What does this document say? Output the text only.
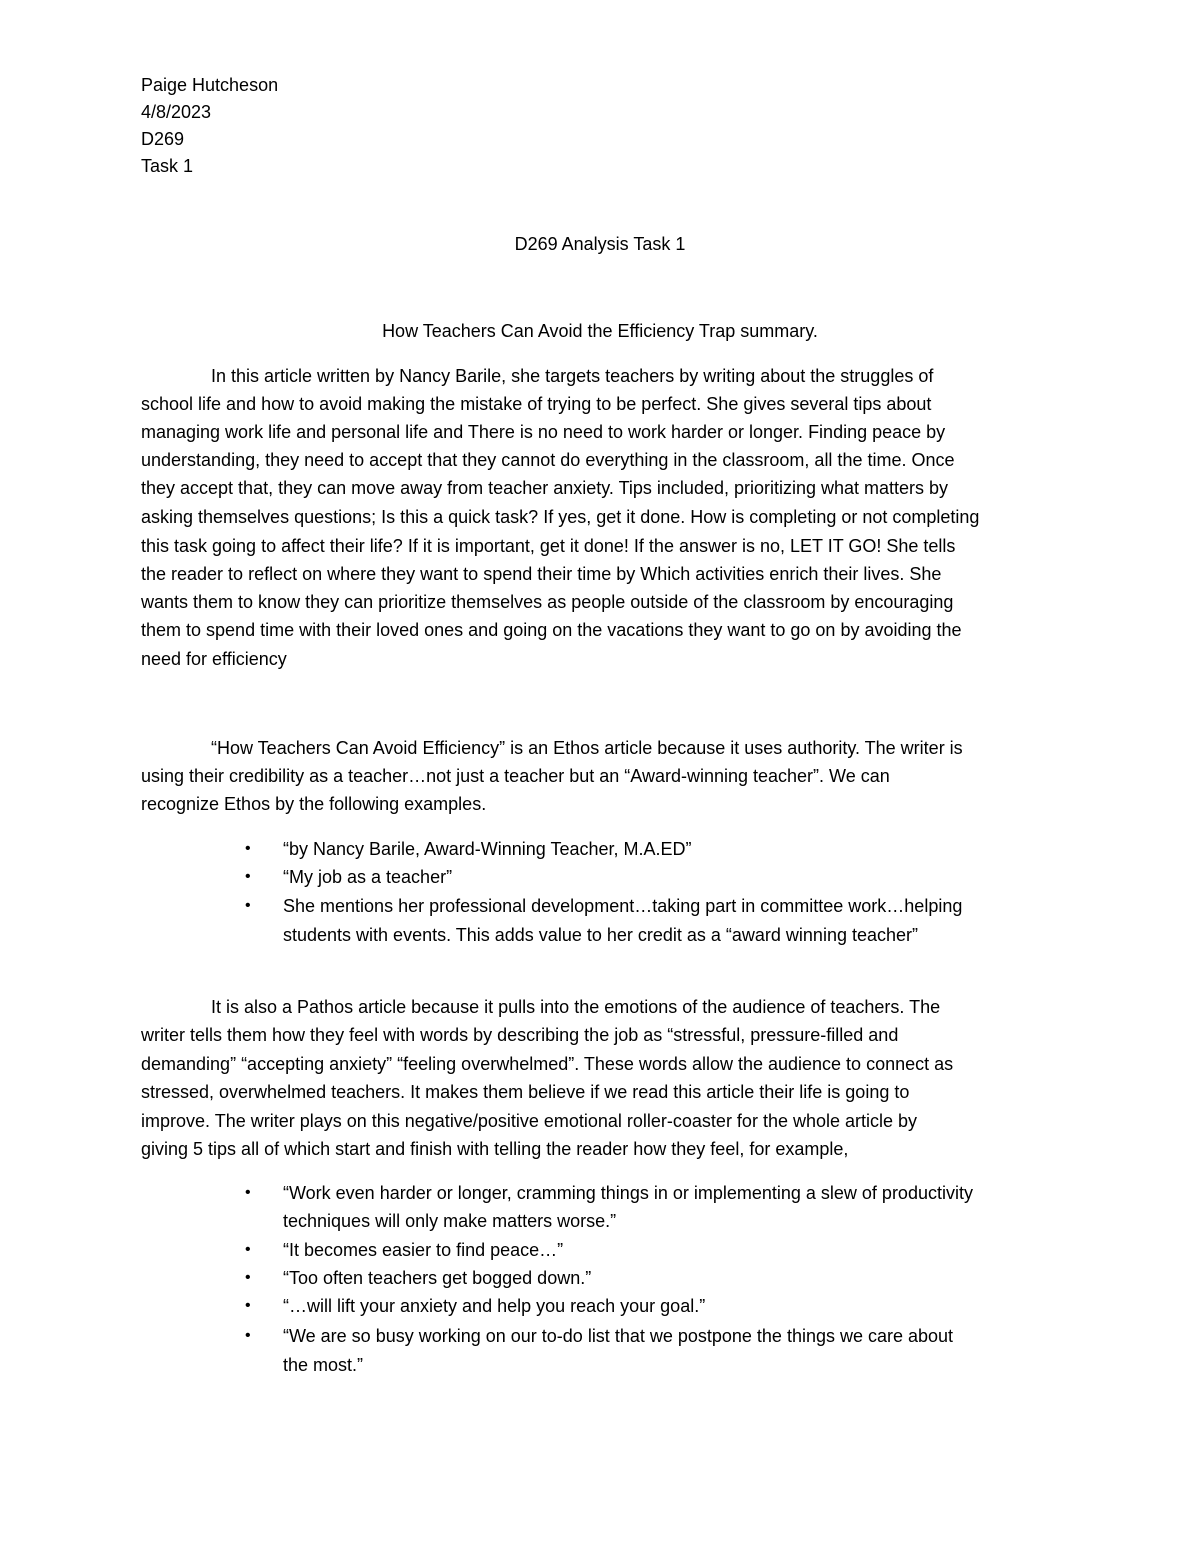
Paige Hutcheson
4/8/2023
D269
Task 1
D269 Analysis Task 1
How Teachers Can Avoid the Efficiency Trap summary.
In this article written by Nancy Barile, she targets teachers by writing about the struggles of
school life and how to avoid making the mistake of trying to be perfect. She gives several tips about
managing work life and personal life and There is no need to work harder or longer. Finding peace by
understanding, they need to accept that they cannot do everything in the classroom, all the time. Once
they accept that, they can move away from teacher anxiety. Tips included, prioritizing what matters by
asking themselves questions; Is this a quick task? If yes, get it done. How is completing or not completing
this task going to affect their life? If it is important, get it done! If the answer is no, LET IT GO! She tells
the reader to reflect on where they want to spend their time by Which activities enrich their lives. She
wants them to know they can prioritize themselves as people outside of the classroom by encouraging
them to spend time with their loved ones and going on the vacations they want to go on by avoiding the
need for efficiency
“How Teachers Can Avoid Efficiency” is an Ethos article because it uses authority. The writer is
using their credibility as a teacher…not just a teacher but an “Award-winning teacher”. We can
recognize Ethos by the following examples.
• “by Nancy Barile, Award-Winning Teacher, M.A.ED”
• “My job as a teacher”
• She mentions her professional development…taking part in committee work…helping
students with events. This adds value to her credit as a “award winning teacher”
It is also a Pathos article because it pulls into the emotions of the audience of teachers. The
writer tells them how they feel with words by describing the job as “stressful, pressure-filled and
demanding” “accepting anxiety” “feeling overwhelmed”. These words allow the audience to connect as
stressed, overwhelmed teachers. It makes them believe if we read this article their life is going to
improve. The writer plays on this negative/positive emotional roller-coaster for the whole article by
giving 5 tips all of which start and finish with telling the reader how they feel, for example,
• “Work even harder or longer, cramming things in or implementing a slew of productivity
techniques will only make matters worse.”
• “It becomes easier to find peace…”
• “Too often teachers get bogged down.”
• “…will lift your anxiety and help you reach your goal.”
• “We are so busy working on our to-do list that we postpone the things we care about
the most.”
